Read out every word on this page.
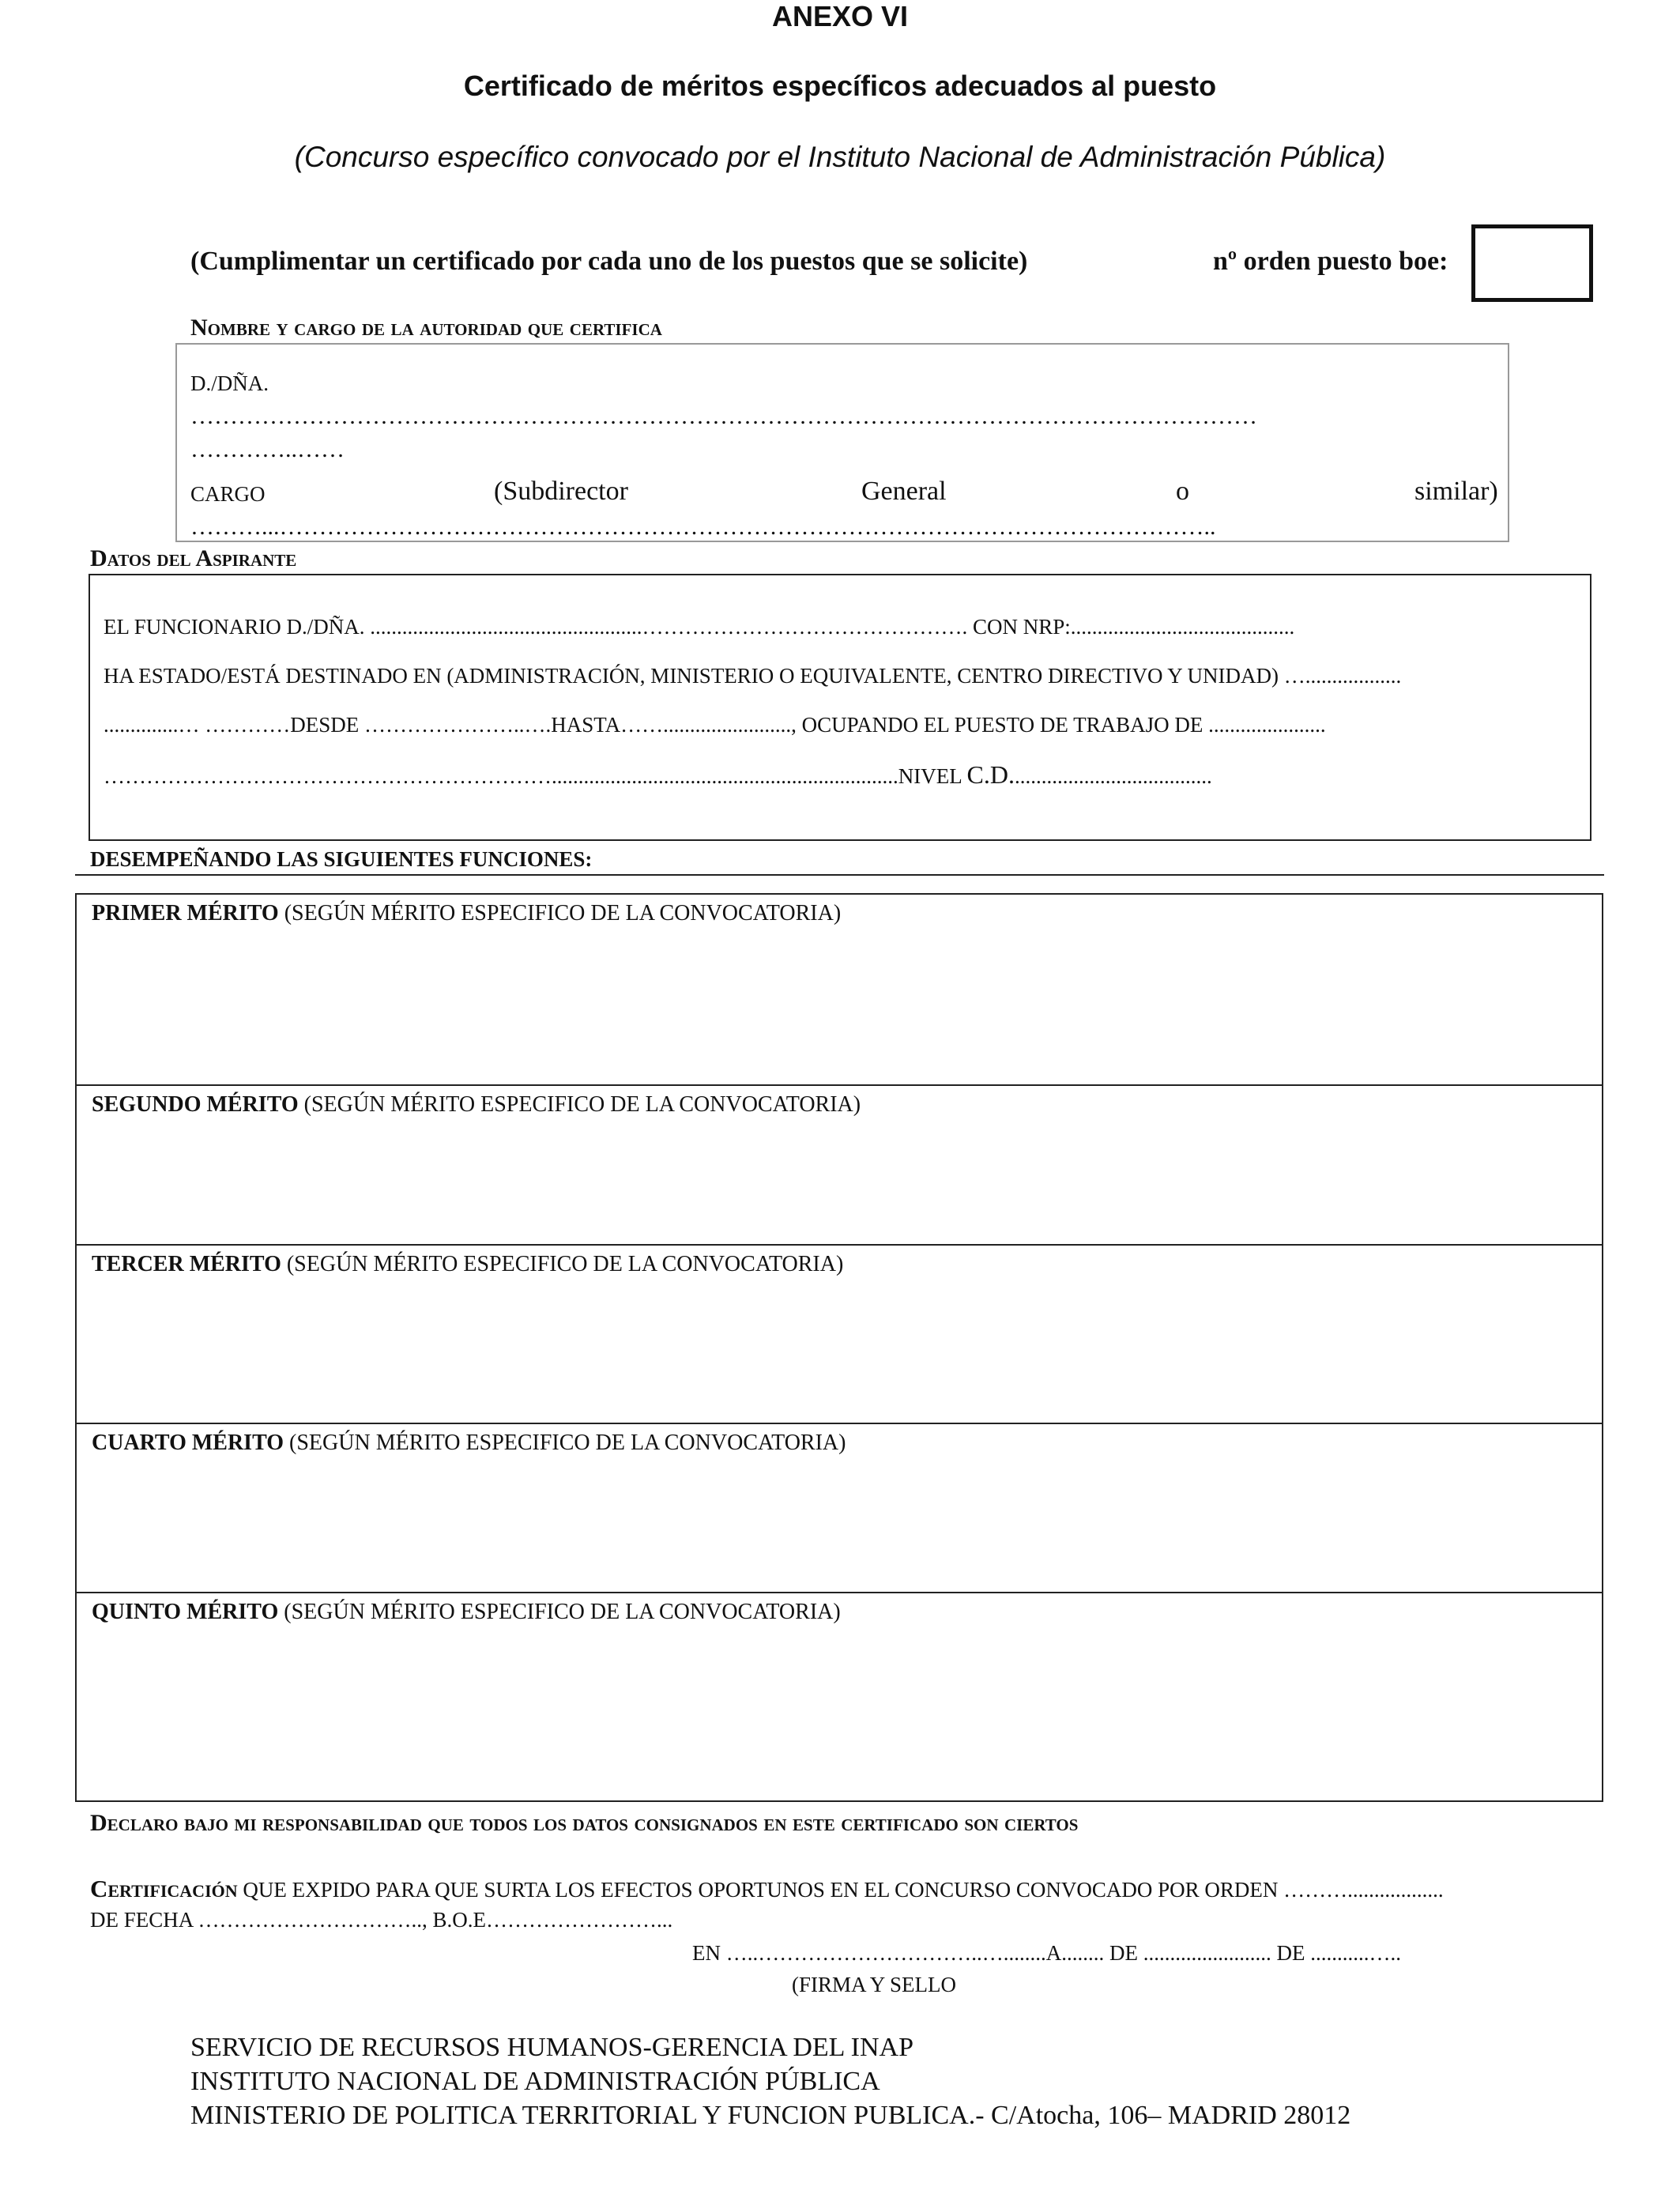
ANEXO VI
Certificado de méritos específicos adecuados al puesto
(Concurso específico convocado por el Instituto Nacional de Administración Pública)
(Cumplimentar un certificado por cada uno de los puestos que se solicite)	nº orden puesto boe:
Nombre y cargo de la autoridad que certifica
D./DÑA.
………………………………………………………………………………………………………………………
…………..……
CARGO	(Subdirector	General	o	similar)
………...………………………………………………………………………………………………………..
Datos del Aspirante
EL FUNCIONARIO D./DÑA. ...................................................………………………………………. CON NRP:..........................................
HA ESTADO/ESTÁ DESTINADO EN (ADMINISTRACIÓN, MINISTERIO O EQUIVALENTE, CENTRO DIRECTIVO Y UNIDAD) …..................
..............… …………DESDE …………………..….HASTA……........................, OCUPANDO EL PUESTO DE TRABAJO DE ......................
……………………………………………………….................................................................NIVEL C.D......................................
DESEMPEÑANDO LAS SIGUIENTES FUNCIONES:
PRIMER MÉRITO (SEGÚN MÉRITO ESPECIFICO DE LA CONVOCATORIA)
SEGUNDO MÉRITO (SEGÚN MÉRITO ESPECIFICO DE LA CONVOCATORIA)
TERCER MÉRITO (SEGÚN MÉRITO ESPECIFICO DE LA CONVOCATORIA)
CUARTO MÉRITO (SEGÚN MÉRITO ESPECIFICO DE LA CONVOCATORIA)
QUINTO MÉRITO (SEGÚN MÉRITO ESPECIFICO DE LA CONVOCATORIA)
Declaro bajo mi responsabilidad que todos los datos consignados en este certificado son ciertos
Certificación QUE EXPIDO PARA QUE SURTA LOS EFECTOS OPORTUNOS EN EL CONCURSO CONVOCADO POR ORDEN ………..................
DE FECHA ………………………….., B.O.E……………………...
EN …..…………………………..…........A........ DE ........................ DE ...........…..
(FIRMA Y SELLO
SERVICIO DE RECURSOS HUMANOS-GERENCIA DEL INAP
INSTITUTO NACIONAL DE ADMINISTRACIÓN PÚBLICA
MINISTERIO DE POLITICA TERRITORIAL Y FUNCION PUBLICA.- C/Atocha, 106– MADRID 28012
